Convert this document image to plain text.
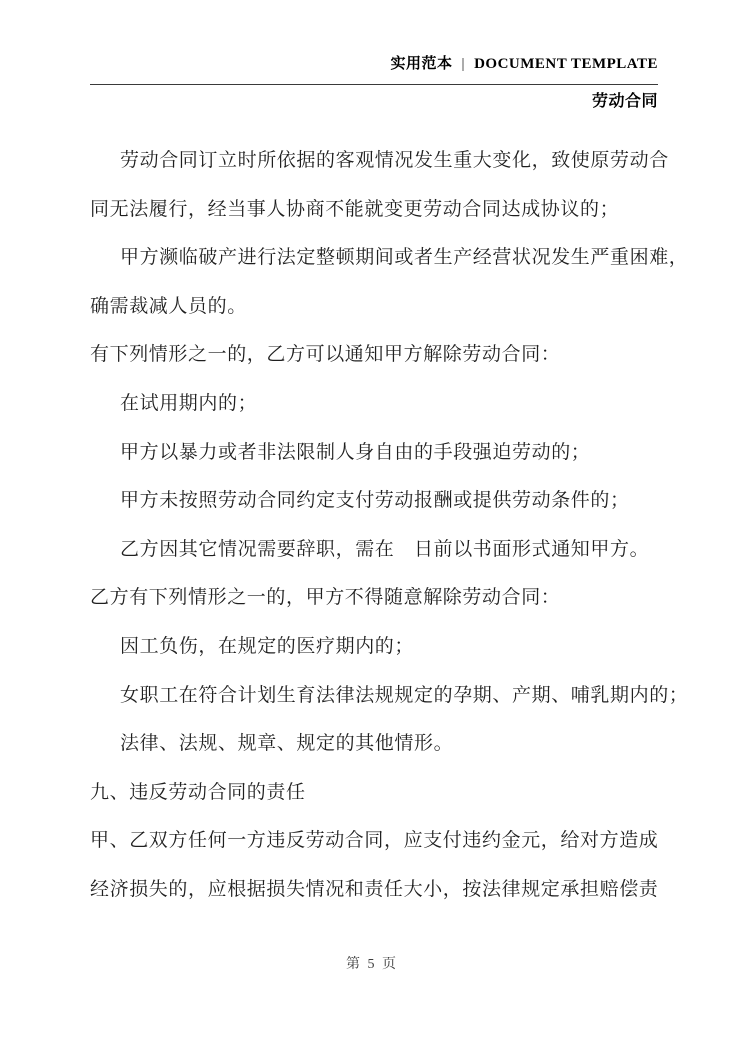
实用范本 | DOCUMENT TEMPLATE
劳动合同
劳动合同订立时所依据的客观情况发生重大变化，致使原劳动合
同无法履行，经当事人协商不能就变更劳动合同达成协议的；
甲方濒临破产进行法定整顿期间或者生产经营状况发生严重困难，
确需裁减人员的。
有下列情形之一的，乙方可以通知甲方解除劳动合同：
在试用期内的；
甲方以暴力或者非法限制人身自由的手段强迫劳动的；
甲方未按照劳动合同约定支付劳动报酬或提供劳动条件的；
乙方因其它情况需要辞职，需在　日前以书面形式通知甲方。
乙方有下列情形之一的，甲方不得随意解除劳动合同：
因工负伤，在规定的医疗期内的；
女职工在符合计划生育法律法规规定的孕期、产期、哺乳期内的；
法律、法规、规章、规定的其他情形。
九、违反劳动合同的责任
甲、乙双方任何一方违反劳动合同，应支付违约金元，给对方造成
经济损失的，应根据损失情况和责任大小，按法律规定承担赔偿责
第 5 页
